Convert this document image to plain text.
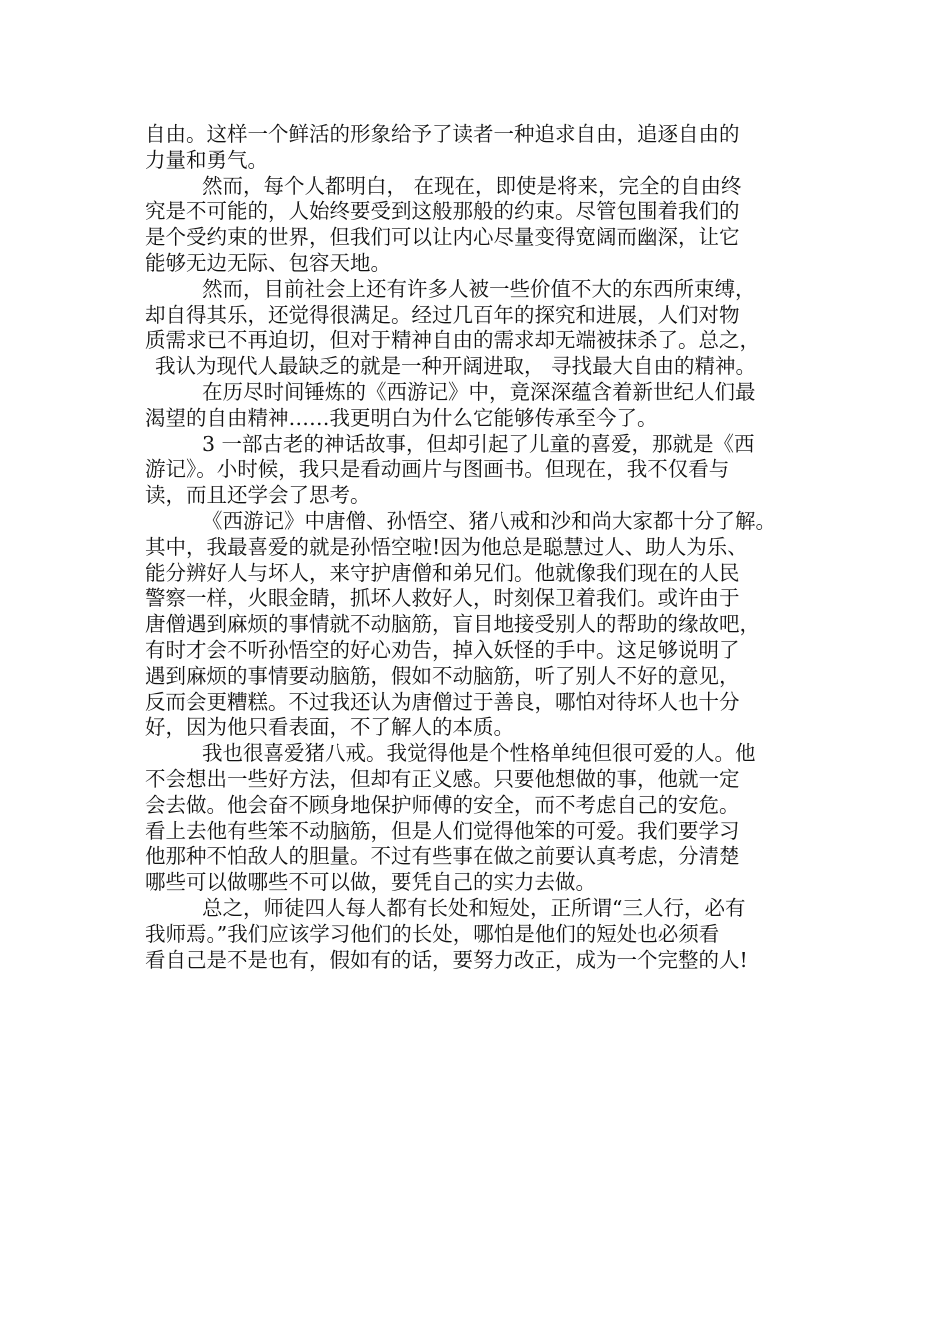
自由。这样一个鲜活的形象给予了读者一种追求自由，追逐自由的
力量和勇气。
然而，每个人都明白， 在现在，即使是将来，完全的自由终
究是不可能的，人始终要受到这般那般的约束。尽管包围着我们的
是个受约束的世界，但我们可以让内心尽量变得宽阔而幽深，让它
能够无边无际、包容天地。
然而，目前社会上还有许多人被一些价值不大的东西所束缚，
却自得其乐，还觉得很满足。经过几百年的探究和进展，人们对物
质需求已不再迫切，但对于精神自由的需求却无端被抹杀了。总之，
我认为现代人最缺乏的就是一种开阔进取， 寻找最大自由的精神。
在历尽时间锤炼的《西游记》中，竟深深蕴含着新世纪人们最
渴望的自由精神……我更明白为什么它能够传承至今了。
3 一部古老的神话故事，但却引起了儿童的喜爱，那就是《西
游记》。小时候，我只是看动画片与图画书。但现在，我不仅看与
读，而且还学会了思考。
《西游记》中唐僧、孙悟空、猪八戒和沙和尚大家都十分了解。
其中，我最喜爱的就是孙悟空啦!因为他总是聪慧过人、助人为乐、
能分辨好人与坏人，来守护唐僧和弟兄们。他就像我们现在的人民
警察一样，火眼金睛，抓坏人救好人，时刻保卫着我们。或许由于
唐僧遇到麻烦的事情就不动脑筋，盲目地接受别人的帮助的缘故吧，
有时才会不听孙悟空的好心劝告，掉入妖怪的手中。这足够说明了
遇到麻烦的事情要动脑筋，假如不动脑筋，听了别人不好的意见，
反而会更糟糕。不过我还认为唐僧过于善良，哪怕对待坏人也十分
好，因为他只看表面，不了解人的本质。
我也很喜爱猪八戒。我觉得他是个性格单纯但很可爱的人。他
不会想出一些好方法，但却有正义感。只要他想做的事，他就一定
会去做。他会奋不顾身地保护师傅的安全，而不考虑自己的安危。
看上去他有些笨不动脑筋，但是人们觉得他笨的可爱。我们要学习
他那种不怕敌人的胆量。不过有些事在做之前要认真考虑，分清楚
哪些可以做哪些不可以做，要凭自己的实力去做。
总之，师徒四人每人都有长处和短处，正所谓“三人行，必有
我师焉。”我们应该学习他们的长处，哪怕是他们的短处也必须看
看自己是不是也有，假如有的话，要努力改正，成为一个完整的人!
